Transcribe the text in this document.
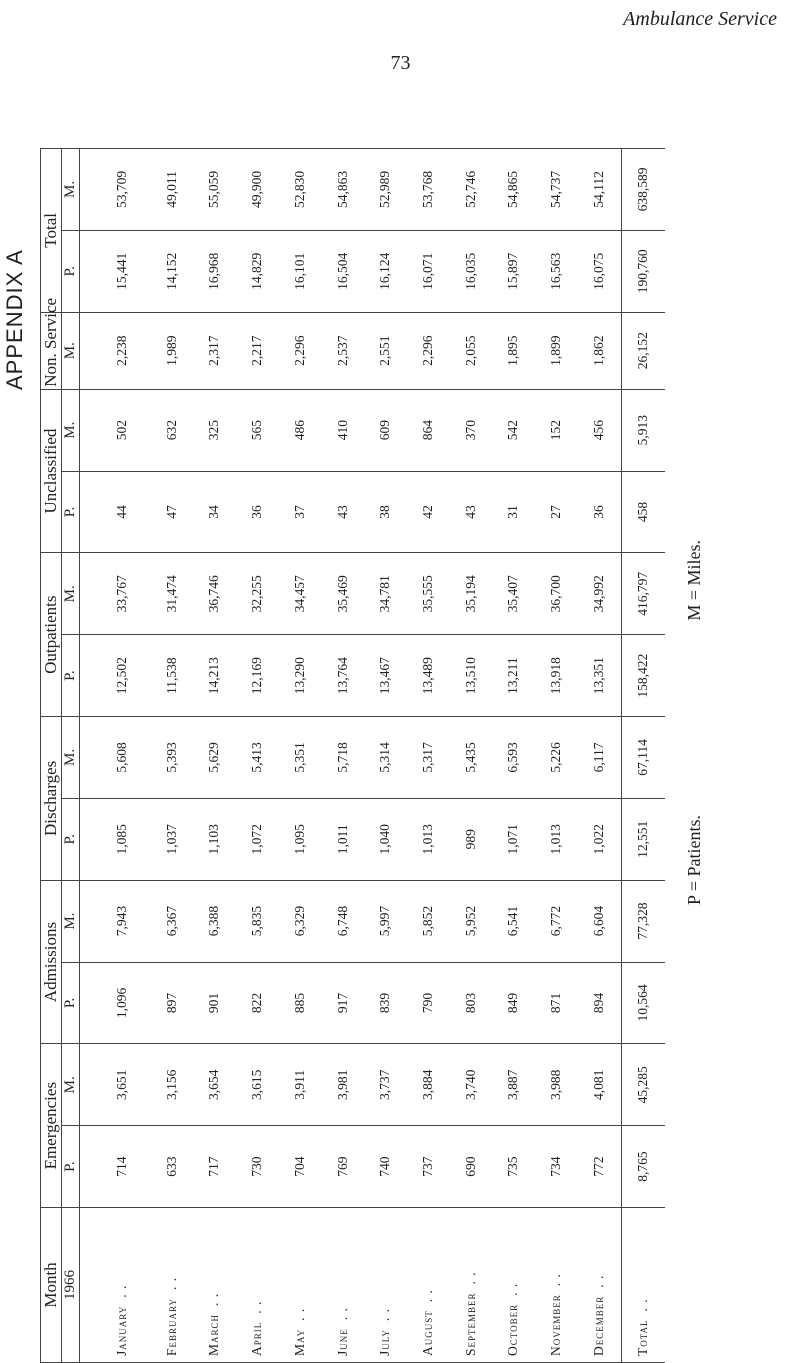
Ambulance Service
73
APPENDIX A
Month	Emergencies		Admissions		Discharges		Outpatients		Unclassified		Non. Service	Total	
1966	P.	M.	P.	M.	P.	M.	P.	M.	P.	M.	M.	P.	M.
January. .	714	3,651	1,096	7,943	1,085	5,608	12,502	33,767	44	502	2,238	15,441	53,709
February. .	633	3,156	897	6,367	1,037	5,393	11,538	31,474	47	632	1,989	14,152	49,011
March. .	717	3,654	901	6,388	1,103	5,629	14,213	36,746	34	325	2,317	16,968	55,059
April. .	730	3,615	822	5,835	1,072	5,413	12,169	32,255	36	565	2,217	14,829	49,900
May. .	704	3,911	885	6,329	1,095	5,351	13,290	34,457	37	486	2,296	16,101	52,830
June. .	769	3,981	917	6,748	1,011	5,718	13,764	35,469	43	410	2,537	16,504	54,863
July. .	740	3,737	839	5,997	1,040	5,314	13,467	34,781	38	609	2,551	16,124	52,989
August. .	737	3,884	790	5,852	1,013	5,317	13,489	35,555	42	864	2,296	16,071	53,768
September. .	690	3,740	803	5,952	989	5,435	13,510	35,194	43	370	2,055	16,035	52,746
October. .	735	3,887	849	6,541	1,071	6,593	13,211	35,407	31	542	1,895	15,897	54,865
November. .	734	3,988	871	6,772	1,013	5,226	13,918	36,700	27	152	1,899	16,563	54,737
December. .	772	4,081	894	6,604	1,022	6,117	13,351	34,992	36	456	1,862	16,075	54,112
Total. .	8,765	45,285	10,564	77,328	12,551	67,114	158,422	416,797	458	5,913	26,152	190,760	638,589
M = Miles.
P = Patients.
